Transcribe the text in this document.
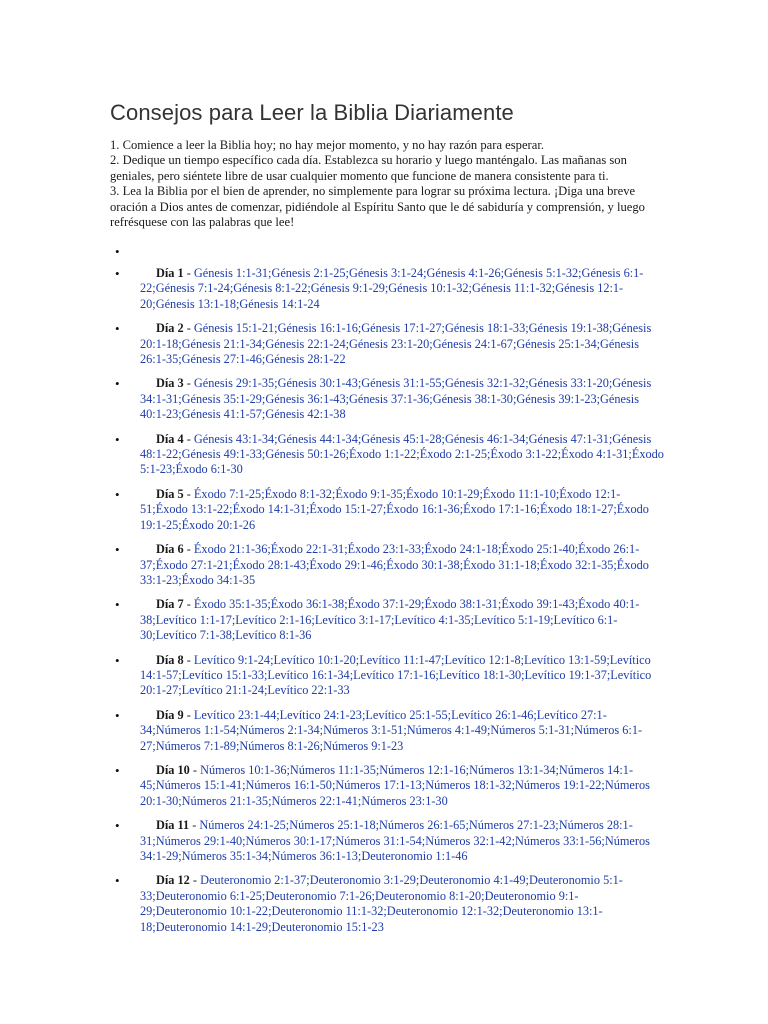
Consejos para Leer la Biblia Diariamente

1. Comience a leer la Biblia hoy; no hay mejor momento, y no hay razón para esperar.

2. Dedique un tiempo específico cada día. Establezca su horario y luego manténgalo. Las mañanas son geniales, pero siéntete libre de usar cualquier momento que funcione de manera consistente para ti.

3. Lea la Biblia por el bien de aprender, no simplemente para lograr su próxima lectura. ¡Diga una breve oración a Dios antes de comenzar, pidiéndole al Espíritu Santo que le dé sabiduría y comprensión, y luego refrésquese con las palabras que lee!

•
•	Día 1 - Génesis 1:1-31;Génesis 2:1-25;Génesis 3:1-24;Génesis 4:1-26;Génesis 5:1-32;Génesis 6:1-22;Génesis 7:1-24;Génesis 8:1-22;Génesis 9:1-29;Génesis 10:1-32;Génesis 11:1-32;Génesis 12:1-20;Génesis 13:1-18;Génesis 14:1-24
•	Día 2 - Génesis 15:1-21;Génesis 16:1-16;Génesis 17:1-27;Génesis 18:1-33;Génesis 19:1-38;Génesis 20:1-18;Génesis 21:1-34;Génesis 22:1-24;Génesis 23:1-20;Génesis 24:1-67;Génesis 25:1-34;Génesis 26:1-35;Génesis 27:1-46;Génesis 28:1-22
•	Día 3 - Génesis 29:1-35;Génesis 30:1-43;Génesis 31:1-55;Génesis 32:1-32;Génesis 33:1-20;Génesis 34:1-31;Génesis 35:1-29;Génesis 36:1-43;Génesis 37:1-36;Génesis 38:1-30;Génesis 39:1-23;Génesis 40:1-23;Génesis 41:1-57;Génesis 42:1-38
•	Día 4 - Génesis 43:1-34;Génesis 44:1-34;Génesis 45:1-28;Génesis 46:1-34;Génesis 47:1-31;Génesis 48:1-22;Génesis 49:1-33;Génesis 50:1-26;Éxodo 1:1-22;Éxodo 2:1-25;Éxodo 3:1-22;Éxodo 4:1-31;Éxodo 5:1-23;Éxodo 6:1-30
•	Día 5 - Éxodo 7:1-25;Éxodo 8:1-32;Éxodo 9:1-35;Éxodo 10:1-29;Éxodo 11:1-10;Éxodo 12:1-51;Éxodo 13:1-22;Éxodo 14:1-31;Éxodo 15:1-27;Éxodo 16:1-36;Éxodo 17:1-16;Éxodo 18:1-27;Éxodo 19:1-25;Éxodo 20:1-26
•	Día 6 - Éxodo 21:1-36;Éxodo 22:1-31;Éxodo 23:1-33;Éxodo 24:1-18;Éxodo 25:1-40;Éxodo 26:1-37;Éxodo 27:1-21;Éxodo 28:1-43;Éxodo 29:1-46;Éxodo 30:1-38;Éxodo 31:1-18;Éxodo 32:1-35;Éxodo 33:1-23;Éxodo 34:1-35
•	Día 7 - Éxodo 35:1-35;Éxodo 36:1-38;Éxodo 37:1-29;Éxodo 38:1-31;Éxodo 39:1-43;Éxodo 40:1-38;Levítico 1:1-17;Levítico 2:1-16;Levítico 3:1-17;Levítico 4:1-35;Levítico 5:1-19;Levítico 6:1-30;Levítico 7:1-38;Levítico 8:1-36
•	Día 8 - Levítico 9:1-24;Levítico 10:1-20;Levítico 11:1-47;Levítico 12:1-8;Levítico 13:1-59;Levítico 14:1-57;Levítico 15:1-33;Levítico 16:1-34;Levítico 17:1-16;Levítico 18:1-30;Levítico 19:1-37;Levítico 20:1-27;Levítico 21:1-24;Levítico 22:1-33
•	Día 9 - Levítico 23:1-44;Levítico 24:1-23;Levítico 25:1-55;Levítico 26:1-46;Levítico 27:1-34;Números 1:1-54;Números 2:1-34;Números 3:1-51;Números 4:1-49;Números 5:1-31;Números 6:1-27;Números 7:1-89;Números 8:1-26;Números 9:1-23
•	Día 10 - Números 10:1-36;Números 11:1-35;Números 12:1-16;Números 13:1-34;Números 14:1-45;Números 15:1-41;Números 16:1-50;Números 17:1-13;Números 18:1-32;Números 19:1-22;Números 20:1-30;Números 21:1-35;Números 22:1-41;Números 23:1-30
•	Día 11 - Números 24:1-25;Números 25:1-18;Números 26:1-65;Números 27:1-23;Números 28:1-31;Números 29:1-40;Números 30:1-17;Números 31:1-54;Números 32:1-42;Números 33:1-56;Números 34:1-29;Números 35:1-34;Números 36:1-13;Deuteronomio 1:1-46
•	Día 12 - Deuteronomio 2:1-37;Deuteronomio 3:1-29;Deuteronomio 4:1-49;Deuteronomio 5:1-33;Deuteronomio 6:1-25;Deuteronomio 7:1-26;Deuteronomio 8:1-20;Deuteronomio 9:1-29;Deuteronomio 10:1-22;Deuteronomio 11:1-32;Deuteronomio 12:1-32;Deuteronomio 13:1-18;Deuteronomio 14:1-29;Deuteronomio 15:1-23
